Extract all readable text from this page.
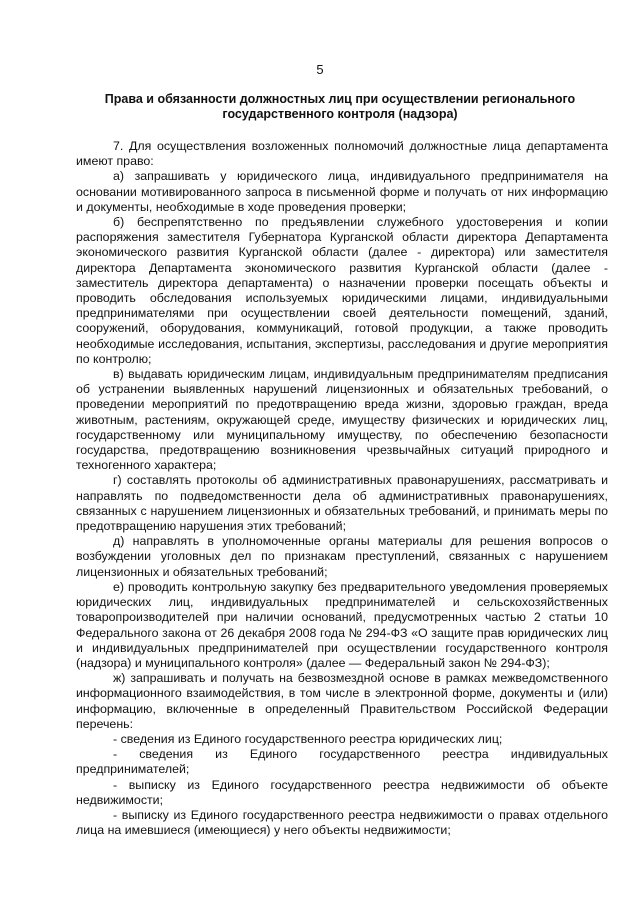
5
Права и обязанности должностных лиц при осуществлении регионального государственного контроля (надзора)

7. Для осуществления возложенных полномочий должностные лица департамента имеют право:

а) запрашивать у юридического лица, индивидуального предпринимателя на основании мотивированного запроса в письменной форме и получать от них информацию и документы, необходимые в ходе проведения проверки;

б) беспрепятственно по предъявлении служебного удостоверения и копии распоряжения заместителя Губернатора Курганской области директора Департамента экономического развития Курганской области (далее - директора) или заместителя директора Департамента экономического развития Курганской области (далее - заместитель директора департамента) о назначении проверки посещать объекты и проводить обследования используемых юридическими лицами, индивидуальными предпринимателями при осуществлении своей деятельности помещений, зданий, сооружений, оборудования, коммуникаций, готовой продукции, а также проводить необходимые исследования, испытания, экспертизы, расследования и другие мероприятия по контролю;

в) выдавать юридическим лицам, индивидуальным предпринимателям предписания об устранении выявленных нарушений лицензионных и обязательных требований, о проведении мероприятий по предотвращению вреда жизни, здоровью граждан, вреда животным, растениям, окружающей среде, имуществу физических и юридических лиц, государственному или муниципальному имуществу, по обеспечению безопасности государства, предотвращению возникновения чрезвычайных ситуаций природного и техногенного характера;

г) составлять протоколы об административных правонарушениях, рассматривать и направлять по подведомственности дела об административных правонарушениях, связанных с нарушением лицензионных и обязательных требований, и принимать меры по предотвращению нарушения этих требований;

д) направлять в уполномоченные органы материалы для решения вопросов о возбуждении уголовных дел по признакам преступлений, связанных с нарушением лицензионных и обязательных требований;

е) проводить контрольную закупку без предварительного уведомления проверяемых юридических лиц, индивидуальных предпринимателей и сельскохозяйственных товаропроизводителей при наличии оснований, предусмотренных частью 2 статьи 10 Федерального закона от 26 декабря 2008 года № 294-ФЗ «О защите прав юридических лиц и индивидуальных предпринимателей при осуществлении государственного контроля (надзора) и муниципального контроля» (далее — Федеральный закон № 294-ФЗ);

ж) запрашивать и получать на безвозмездной основе в рамках межведомственного информационного взаимодействия, в том числе в электронной форме, документы и (или) информацию, включенные в определенный Правительством Российской Федерации перечень:

- сведения из Единого государственного реестра юридических лиц;

- сведения из Единого государственного реестра индивидуальных предпринимателей;

- выписку из Единого государственного реестра недвижимости об объекте недвижимости;

- выписку из Единого государственного реестра недвижимости о правах отдельного лица на имевшиеся (имеющиеся) у него объекты недвижимости;
